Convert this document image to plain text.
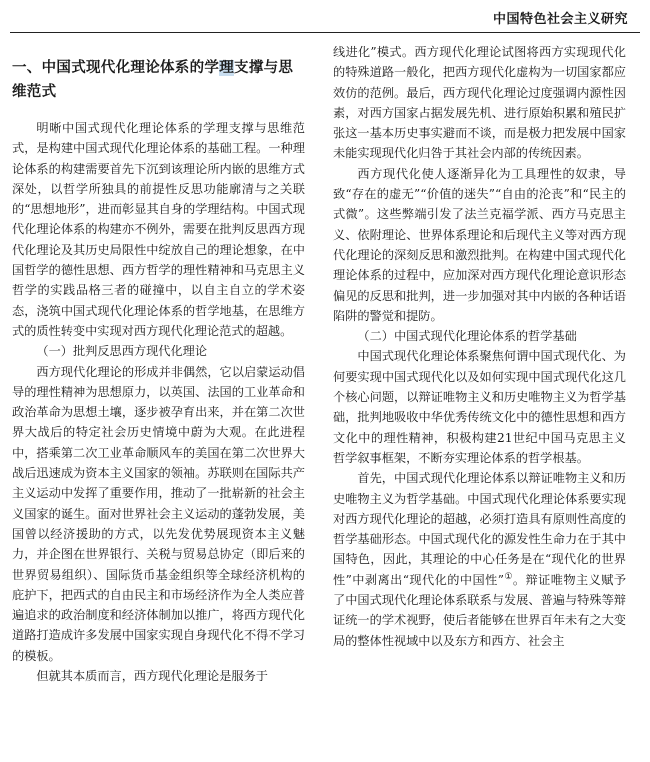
中国特色社会主义研究
一、中国式现代化理论体系的学理支撑与思维范式

明晰中国式现代化理论体系的学理支撑与思维范式，是构建中国式现代化理论体系的基础工程。一种理论体系的构建需要首先下沉到该理论所内嵌的思维方式深处，以哲学所独具的前提性反思功能廓清与之关联的“思想地形”，进而彰显其自身的学理结构。中国式现代化理论体系的构建亦不例外，需要在批判反思西方现代化理论及其历史局限性中绽放自己的理论想象，在中国哲学的德性思想、西方哲学的理性精神和马克思主义哲学的实践品格三者的碰撞中，以自主自立的学术姿态，浇筑中国式现代化理论体系的哲学地基，在思维方式的质性转变中实现对西方现代化理论范式的超越。

（一）批判反思西方现代化理论

西方现代化理论的形成并非偶然，它以启蒙运动倡导的理性精神为思想原力，以英国、法国的工业革命和政治革命为思想土壤，逐步被孕育出来，并在第二次世界大战后的特定社会历史情境中蔚为大观。在此进程中，搭乘第二次工业革命顺风车的美国在第二次世界大战后迅速成为资本主义国家的领袖。苏联则在国际共产主义运动中发挥了重要作用，推动了一批崭新的社会主义国家的诞生。面对世界社会主义运动的蓬勃发展，美国曾以经济援助的方式，以先发优势展现资本主义魅力，并企图在世界银行、关税与贸易总协定（即后来的世界贸易组织）、国际货币基金组织等全球经济机构的庇护下，把西式的自由民主和市场经济作为全人类应普遍追求的政治制度和经济体制加以推广，将西方现代化道路打造成许多发展中国家实现自身现代化不得不学习的模板。

但就其本质而言，西方现代化理论是服务于

线进化”模式。西方现代化理论试图将西方实现现代化的特殊道路一般化，把西方现代化虚构为一切国家都应效仿的范例。最后，西方现代化理论过度强调内源性因素，对西方国家占据发展先机、进行原始积累和殖民扩张这一基本历史事实避而不谈，而是极力把发展中国家未能实现现代化归咎于其社会内部的传统因素。

西方现代化使人逐渐异化为工具理性的奴隶，导致“存在的虚无”“价值的迷失”“自由的沦丧”和“民主的式微”。这些弊端引发了法兰克福学派、西方马克思主义、依附理论、世界体系理论和后现代主义等对西方现代化理论的深刻反思和激烈批判。在构建中国式现代化理论体系的过程中，应加深对西方现代化理论意识形态偏见的反思和批判，进一步加强对其中内嵌的各种话语陷阱的警觉和提防。

（二）中国式现代化理论体系的哲学基础

中国式现代化理论体系聚焦何谓中国式现代化、为何要实现中国式现代化以及如何实现中国式现代化这几个核心问题，以辩证唯物主义和历史唯物主义为哲学基础，批判地吸收中华优秀传统文化中的德性思想和西方文化中的理性精神，积极构建21世纪中国马克思主义哲学叙事框架，不断夯实理论体系的哲学根基。

首先，中国式现代化理论体系以辩证唯物主义和历史唯物主义为哲学基础。中国式现代化理论体系要实现对西方现代化理论的超越，必须打造具有原则性高度的哲学基础形态。中国式现代化的源发性生命力在于其中国特色，因此，其理论的中心任务是在“现代化的世界性”中剥离出“现代化的中国性”①。辩证唯物主义赋予了中国式现代化理论体系联系与发展、普遍与特殊等辩证统一的学术视野，使后者能够在世界百年未有之大变局的整体性视域中以及东方和西方、社会主
